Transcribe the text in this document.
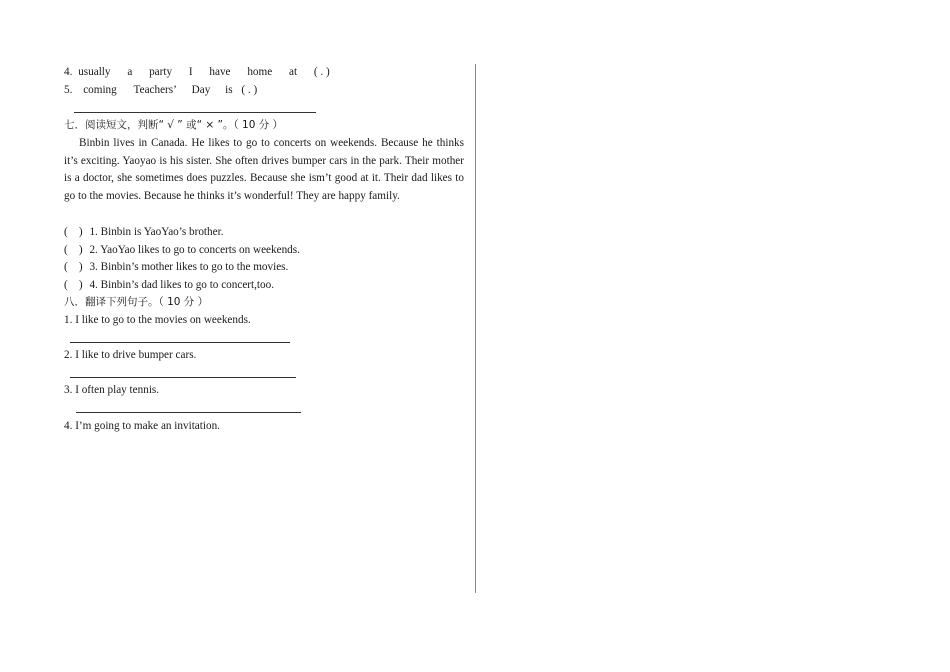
4. usually a party I have home at ( . )
5. coming Teachers’ Day is ( . )
七．阅读短文，判断“ √ ” 或“ × ”。（ 10 分 ）
Binbin lives in Canada. He likes to go to concerts on weekends. Because he thinks it’s exciting. Yaoyao is his sister. She often drives bumper cars in the park. Their mother is a doctor, she sometimes does puzzles. Because she ism’t good at it. Their dad likes to go to the movies. Because he thinks it’s wonderful! They are happy family.
(    ) 1. Binbin is YaoYao’s brother.
(    ) 2. YaoYao likes to go to concerts on weekends.
(    ) 3. Binbin’s mother likes to go to the movies.
(    ) 4. Binbin’s dad likes to go to concert,too.
八．翻译下列句子。（ 10 分 ）
1. I like to go to the movies on weekends.
2. I like to drive bumper cars.
3. I often play tennis.
4. I’m going to make an invitation.
